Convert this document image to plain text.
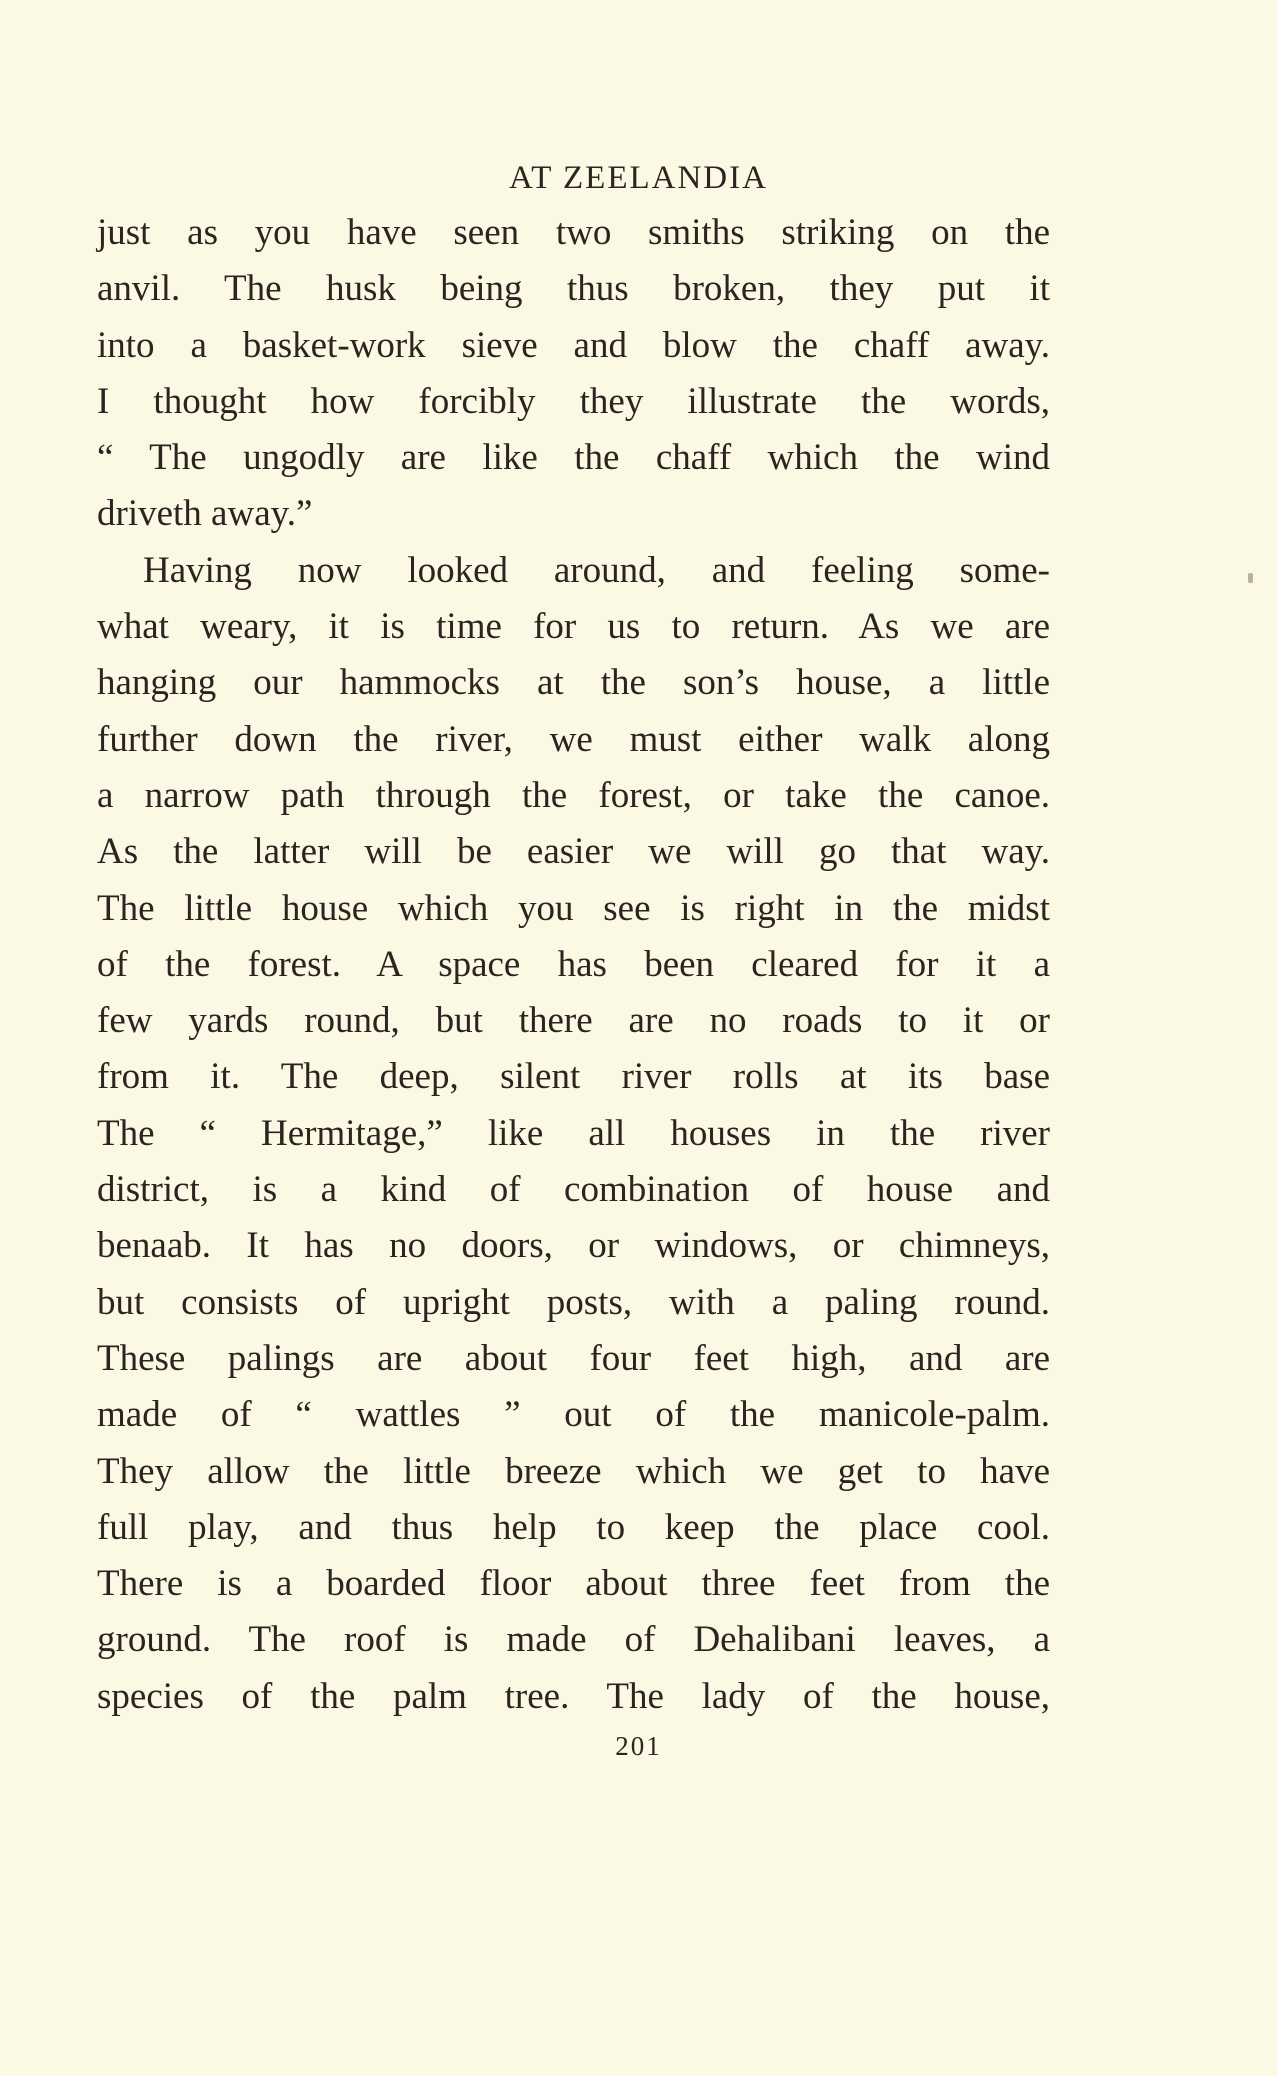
AT ZEELANDIA
just as you have seen two smiths striking on the
anvil. The husk being thus broken, they put it
into a basket-work sieve and blow the chaff away.
I thought how forcibly they illustrate the words,
“ The ungodly are like the chaff which the wind
driveth away.”
Having now looked around, and feeling some-
what weary, it is time for us to return. As we are
hanging our hammocks at the son’s house, a little
further down the river, we must either walk along
a narrow path through the forest, or take the canoe.
As the latter will be easier we will go that way.
The little house which you see is right in the midst
of the forest. A space has been cleared for it a
few yards round, but there are no roads to it or
from it. The deep, silent river rolls at its base
The “ Hermitage,” like all houses in the river
district, is a kind of combination of house and
benaab. It has no doors, or windows, or chimneys,
but consists of upright posts, with a paling round.
These palings are about four feet high, and are
made of “ wattles ” out of the manicole-palm.
They allow the little breeze which we get to have
full play, and thus help to keep the place cool.
There is a boarded floor about three feet from the
ground. The roof is made of Dehalibani leaves, a
species of the palm tree. The lady of the house,
201
